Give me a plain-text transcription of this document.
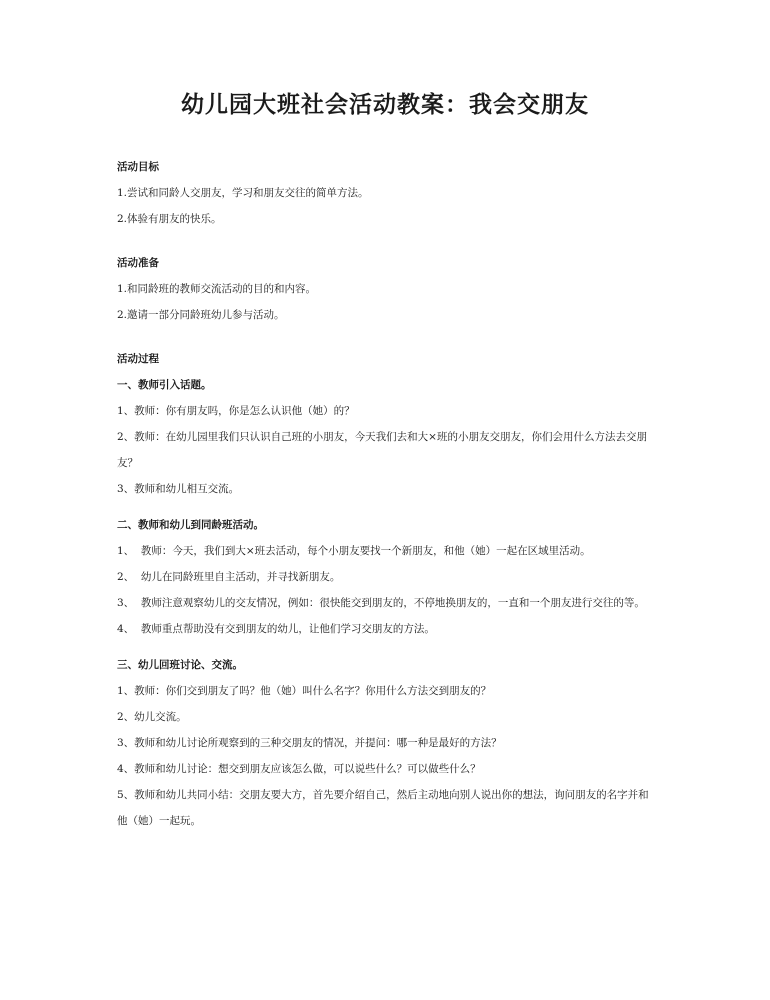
幼儿园大班社会活动教案：我会交朋友

活动目标

1.尝试和同龄人交朋友，学习和朋友交往的简单方法。

2.体验有朋友的快乐。

活动准备

1.和同龄班的教师交流活动的目的和内容。

2.邀请一部分同龄班幼儿参与活动。

活动过程

一、教师引入话题。

1、教师：你有朋友吗，你是怎么认识他（她）的？

2、教师：在幼儿园里我们只认识自己班的小朋友，今天我们去和大×班的小朋友交朋友，你们会用什么方法去交朋友？

3、教师和幼儿相互交流。

二、教师和幼儿到同龄班活动。

1、  教师：今天，我们到大×班去活动，每个小朋友要找一个新朋友，和他（她）一起在区域里活动。

2、  幼儿在同龄班里自主活动，并寻找新朋友。

3、  教师注意观察幼儿的交友情况，例如：很快能交到朋友的，不停地换朋友的，一直和一个朋友进行交往的等。

4、  教师重点帮助没有交到朋友的幼儿，让他们学习交朋友的方法。

三、幼儿回班讨论、交流。

1、教师：你们交到朋友了吗？他（她）叫什么名字？你用什么方法交到朋友的？

2、幼儿交流。

3、教师和幼儿讨论所观察到的三种交朋友的情况，并提问：哪一种是最好的方法？

4、教师和幼儿讨论：想交到朋友应该怎么做，可以说些什么？可以做些什么？

5、教师和幼儿共同小结：交朋友要大方，首先要介绍自己，然后主动地向别人说出你的想法，询问朋友的名字并和他（她）一起玩。
